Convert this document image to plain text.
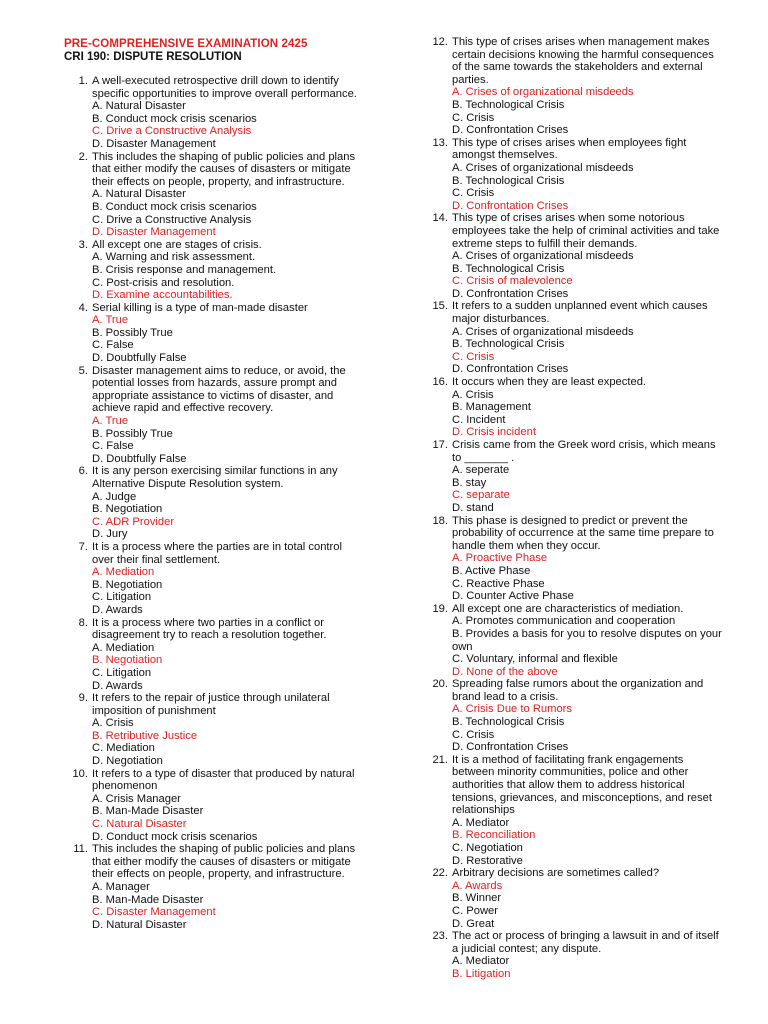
PRE-COMPREHENSIVE EXAMINATION 2425
CRI 190: DISPUTE RESOLUTION
1. A well-executed retrospective drill down to identify specific opportunities to improve overall performance.
A. Natural Disaster
B. Conduct mock crisis scenarios
C. Drive a Constructive Analysis
D. Disaster Management
2. This includes the shaping of public policies and plans that either modify the causes of disasters or mitigate their effects on people, property, and infrastructure.
A. Natural Disaster
B. Conduct mock crisis scenarios
C. Drive a Constructive Analysis
D. Disaster Management
3. All except one are stages of crisis.
A. Warning and risk assessment.
B. Crisis response and management.
C. Post-crisis and resolution.
D. Examine accountabilities.
4. Serial killing is a type of man-made disaster
A. True
B. Possibly True
C. False
D. Doubtfully False
5. Disaster management aims to reduce, or avoid, the potential losses from hazards, assure prompt and appropriate assistance to victims of disaster, and achieve rapid and effective recovery.
A. True
B. Possibly True
C. False
D. Doubtfully False
6. It is any person exercising similar functions in any Alternative Dispute Resolution system.
A. Judge
B. Negotiation
C. ADR Provider
D. Jury
7. It is a process where the parties are in total control over their final settlement.
A. Mediation
B. Negotiation
C. Litigation
D. Awards
8. It is a process where two parties in a conflict or disagreement try to reach a resolution together.
A. Mediation
B. Negotiation
C. Litigation
D. Awards
9. It refers to the repair of justice through unilateral imposition of punishment
A. Crisis
B. Retributive Justice
C. Mediation
D. Negotiation
10. It refers to a type of disaster that produced by natural phenomenon
A. Crisis Manager
B. Man-Made Disaster
C. Natural Disaster
D. Conduct mock crisis scenarios
11. This includes the shaping of public policies and plans that either modify the causes of disasters or mitigate their effects on people, property, and infrastructure.
A. Manager
B. Man-Made Disaster
C. Disaster Management
D. Natural Disaster
12. This type of crises arises when management makes certain decisions knowing the harmful consequences of the same towards the stakeholders and external parties.
A. Crises of organizational misdeeds
B. Technological Crisis
C. Crisis
D. Confrontation Crises
13. This type of crises arises when employees fight amongst themselves.
A. Crises of organizational misdeeds
B. Technological Crisis
C. Crisis
D. Confrontation Crises
14. This type of crises arises when some notorious employees take the help of criminal activities and take extreme steps to fulfill their demands.
A. Crises of organizational misdeeds
B. Technological Crisis
C. Crisis of malevolence
D. Confrontation Crises
15. It refers to a sudden unplanned event which causes major disturbances.
A. Crises of organizational misdeeds
B. Technological Crisis
C. Crisis
D. Confrontation Crises
16. It occurs when they are least expected.
A. Crisis
B. Management
C. Incident
D. Crisis incident
17. Crisis came from the Greek word crisis, which means to _______ .
A. seperate
B. stay
C. separate
D. stand
18. This phase is designed to predict or prevent the probability of occurrence at the same time prepare to handle them when they occur.
A. Proactive Phase
B. Active Phase
C. Reactive Phase
D. Counter Active Phase
19. All except one are characteristics of mediation.
A. Promotes communication and cooperation
B. Provides a basis for you to resolve disputes on your own
C. Voluntary, informal and flexible
D. None of the above
20. Spreading false rumors about the organization and brand lead to a crisis.
A. Crisis Due to Rumors
B. Technological Crisis
C. Crisis
D. Confrontation Crises
21. It is a method of facilitating frank engagements between minority communities, police and other authorities that allow them to address historical tensions, grievances, and misconceptions, and reset relationships
A. Mediator
B. Reconciliation
C. Negotiation
D. Restorative
22. Arbitrary decisions are sometimes called?
A. Awards
B. Winner
C. Power
D. Great
23. The act or process of bringing a lawsuit in and of itself a judicial contest; any dispute.
A. Mediator
B. Litigation
